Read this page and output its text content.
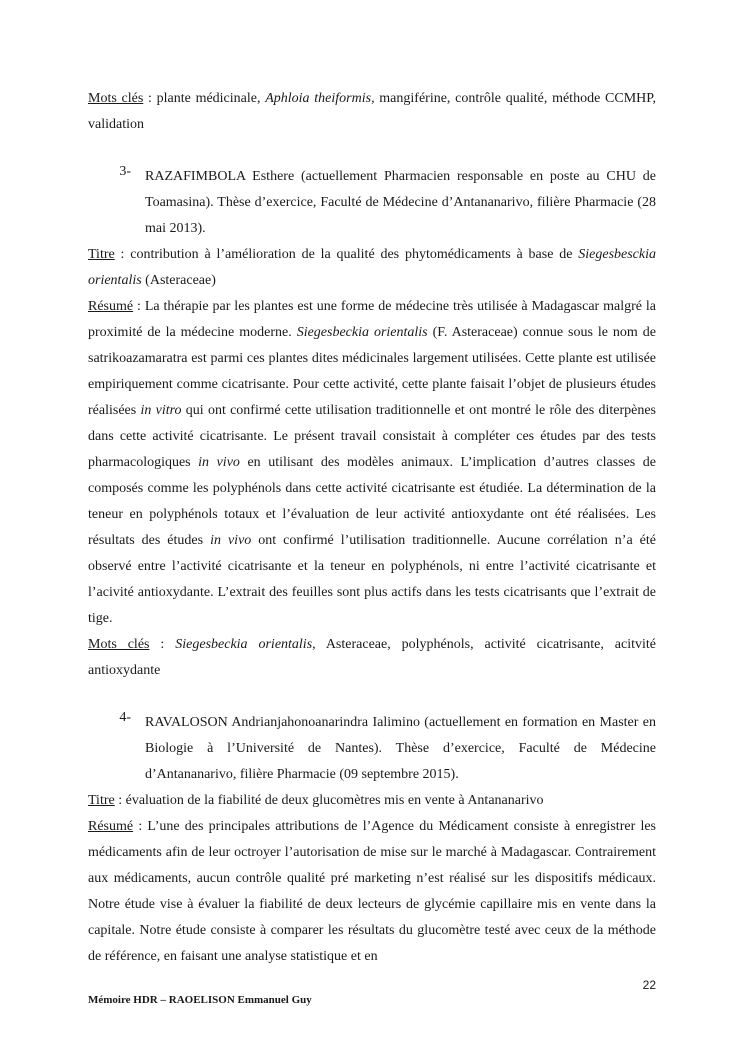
Mots clés : plante médicinale, Aphloia theiformis, mangiférine, contrôle qualité, méthode CCMHP, validation

3-	RAZAFIMBOLA Esthere (actuellement Pharmacien responsable en poste au CHU de Toamasina). Thèse d’exercice, Faculté de Médecine d’Antananarivo, filière Pharmacie (28 mai 2013).

Titre : contribution à l’amélioration de la qualité des phytomédicaments à base de Siegesbesckia orientalis (Asteraceae)

Résumé : La thérapie par les plantes est une forme de médecine très utilisée à Madagascar malgré la proximité de la médecine moderne. Siegesbeckia orientalis (F. Asteraceae) connue sous le nom de satrikoazamaratra est parmi ces plantes dites médicinales largement utilisées. Cette plante est utilisée empiriquement comme cicatrisante. Pour cette activité, cette plante faisait l’objet de plusieurs études réalisées in vitro qui ont confirmé cette utilisation traditionnelle et ont montré le rôle des diterpènes dans cette activité cicatrisante. Le présent travail consistait à compléter ces études par des tests pharmacologiques in vivo en utilisant des modèles animaux. L’implication d’autres classes de composés comme les polyphénols dans cette activité cicatrisante est étudiée. La détermination de la teneur en polyphénols totaux et l’évaluation de leur activité antioxydante ont été réalisées. Les résultats des études in vivo ont confirmé l’utilisation traditionnelle. Aucune corrélation n’a été observé entre l’activité cicatrisante et la teneur en polyphénols, ni entre l’activité cicatrisante et l’acivité antioxydante. L’extrait des feuilles sont plus actifs dans les tests cicatrisants que l’extrait de tige.

Mots clés : Siegesbeckia orientalis, Asteraceae, polyphénols, activité cicatrisante, acitvité antioxydante

4-	RAVALOSON Andrianjahonoanarindra Ialimino (actuellement en formation en Master en Biologie à l’Université de Nantes). Thèse d’exercice, Faculté de Médecine d’Antananarivo, filière Pharmacie (09 septembre 2015).

Titre : évaluation de la fiabilité de deux glucomètres mis en vente à Antananarivo

Résumé : L’une des principales attributions de l’Agence du Médicament consiste à enregistrer les médicaments afin de leur octroyer l’autorisation de mise sur le marché à Madagascar. Contrairement aux médicaments, aucun contrôle qualité pré marketing n’est réalisé sur les dispositifs médicaux. Notre étude vise à évaluer la fiabilité de deux lecteurs de glycémie capillaire mis en vente dans la capitale. Notre étude consiste à comparer les résultats du glucomètre testé avec ceux de la méthode de référence, en faisant une analyse statistique et en

22
Mémoire HDR – RAOELISON Emmanuel Guy
